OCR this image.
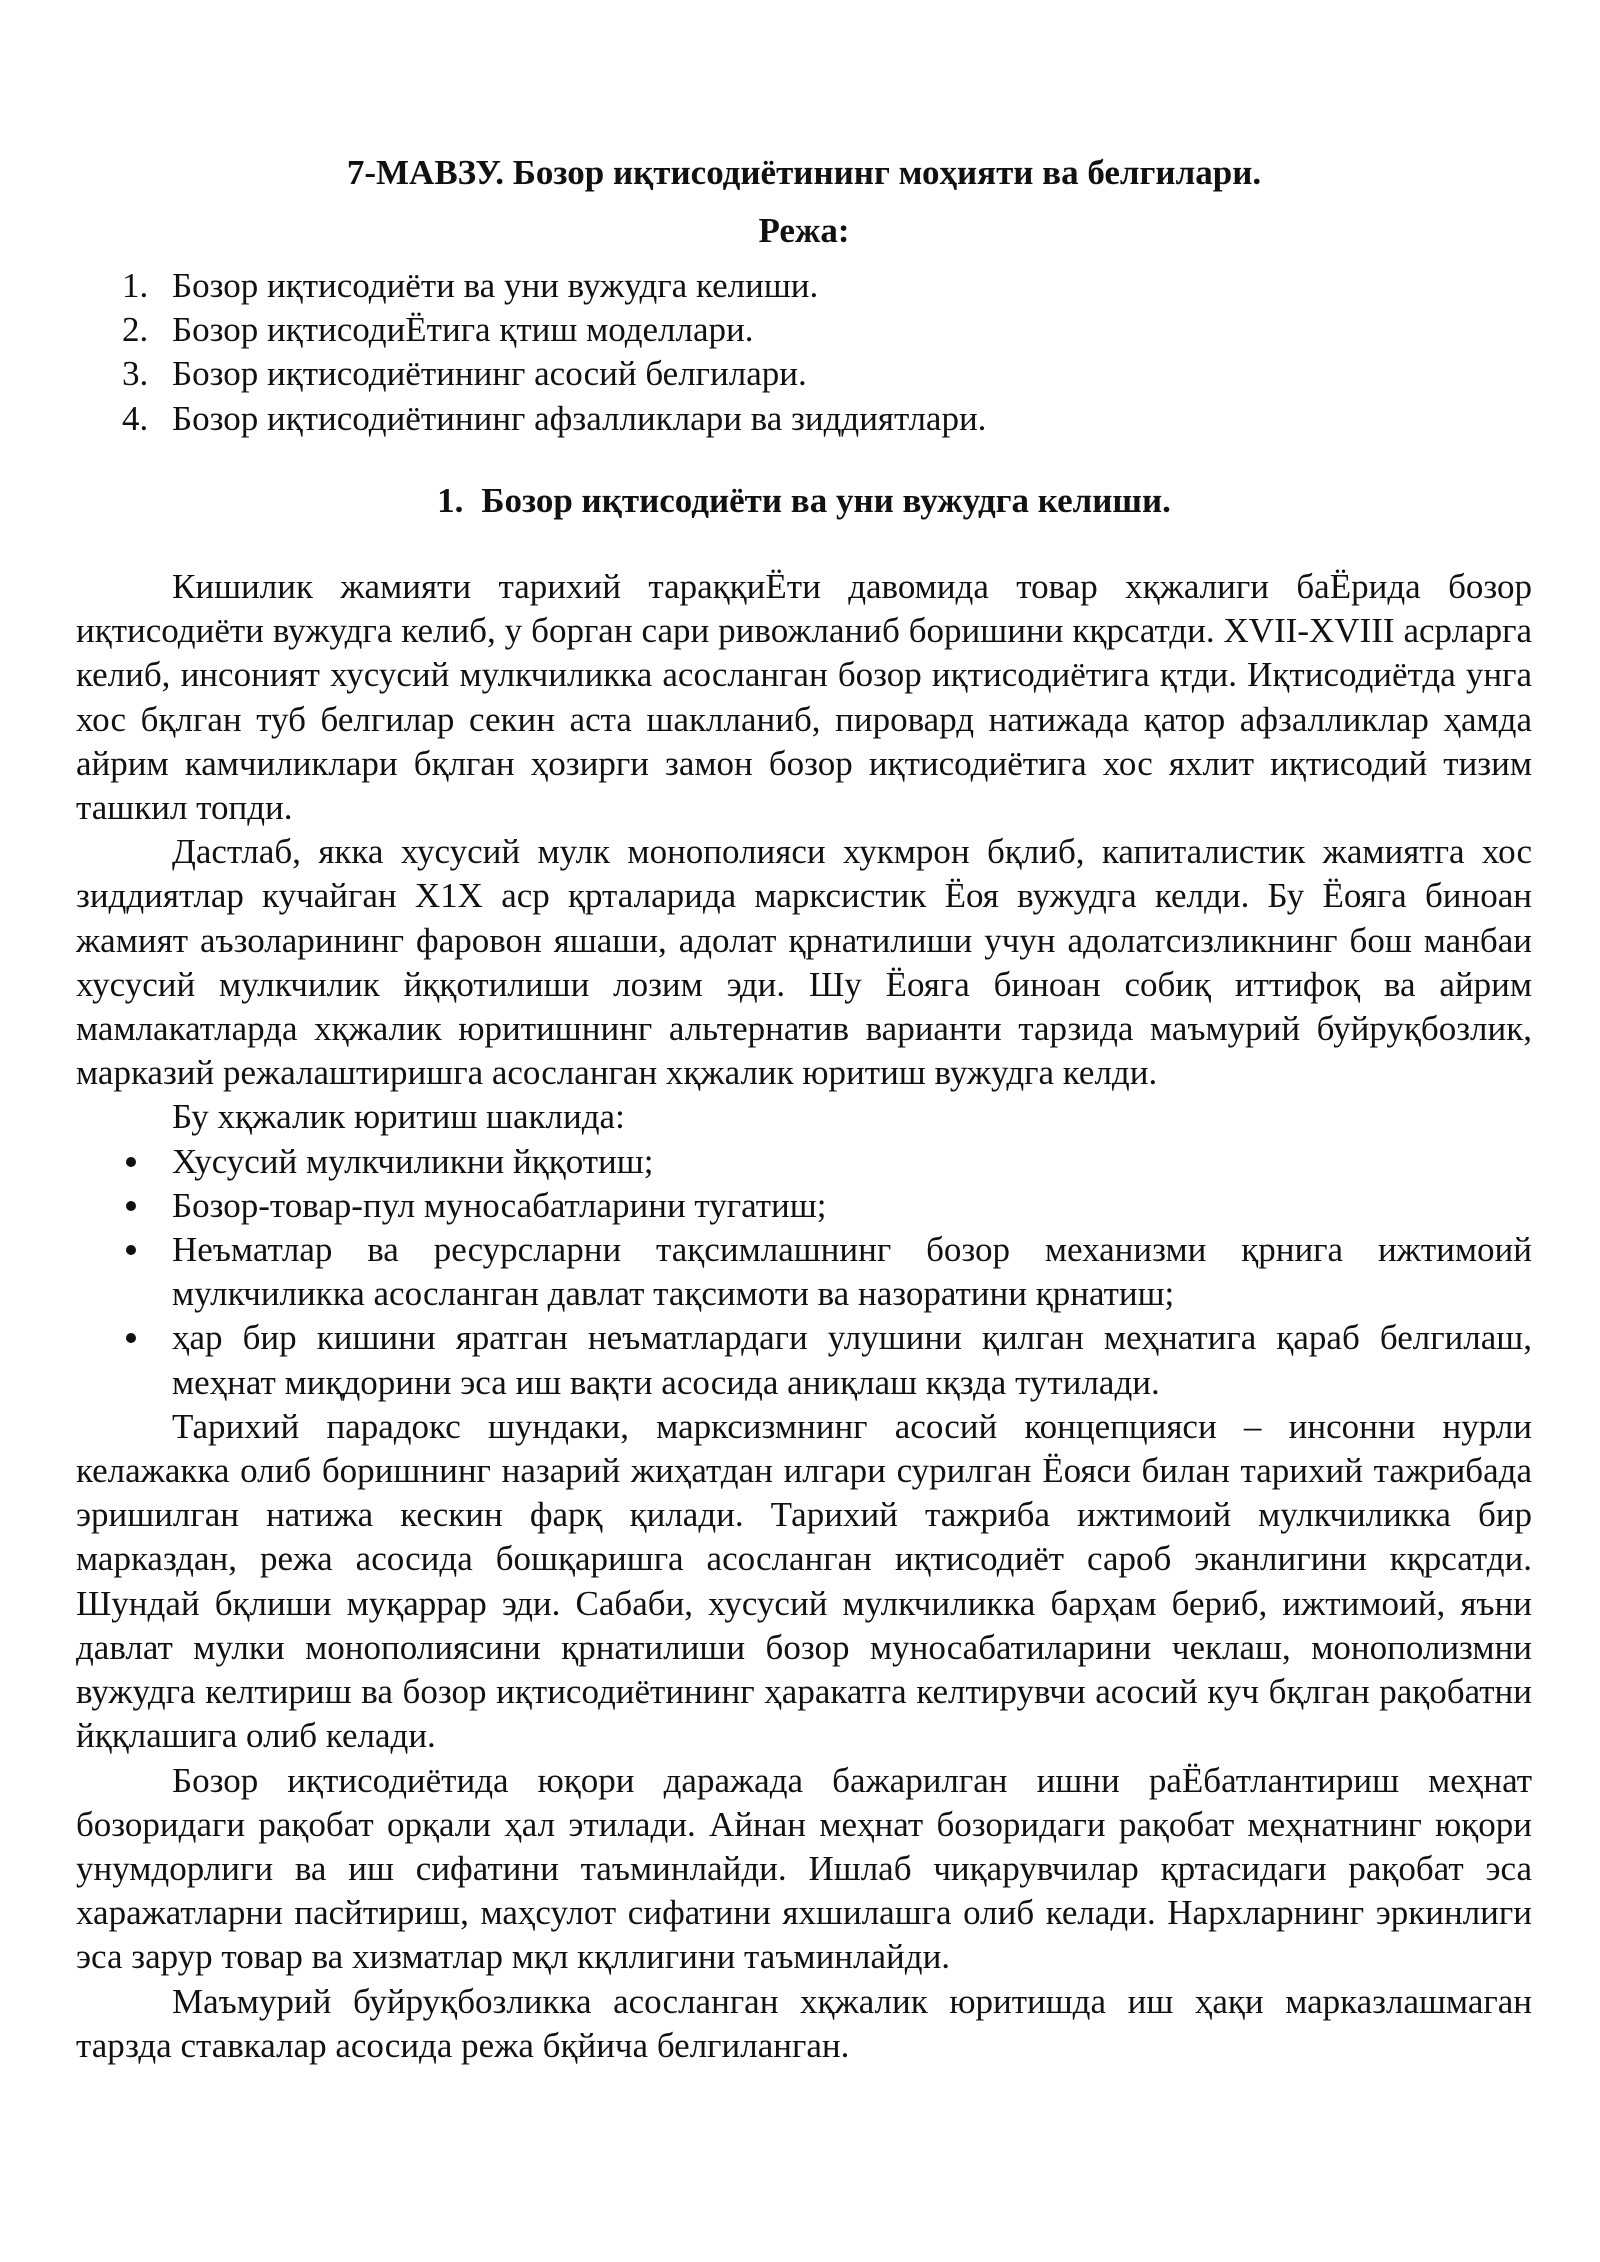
7-МАВЗУ. Бозор иқтисодиётининг моҳияти ва белгилари.

Режа:

1. Бозор иқтисодиёти ва уни вужудга келиши.
2. Бозор иқтисодиЁтига қтиш моделлари.
3. Бозор иқтисодиётининг асосий белгилари.
4. Бозор иқтисодиётининг афзалликлари ва зиддиятлари.

1. Бозор иқтисодиёти ва уни вужудга келиши.

Кишилик жамияти тарихий тараққиЁти давомида товар хқжалиги баЁрида бозор иқтисодиёти вужудга келиб, у борган сари ривожланиб боришини кқрсатди. XVII-XVIII асрларга келиб, инсоният хусусий мулкчиликка асосланган бозор иқтисодиётига қтди. Иқтисодиётда унга хос бқлган туб белгилар секин аста шаклланиб, пировард натижада қатор афзалликлар ҳамда айрим камчиликлари бқлган ҳозирги замон бозор иқтисодиётига хос яхлит иқтисодий тизим ташкил топди.

Дастлаб, якка хусусий мулк монополияси хукмрон бқлиб, капиталистик жамиятга хос зиддиятлар кучайган X1X аср қрталарида марксистик Ёоя вужудга келди. Бу Ёояга биноан жамият аъзоларининг фаровон яшаши, адолат қрнатилиши учун адолатсизликнинг бош манбаи хусусий мулкчилик йққотилиши лозим эди. Шу Ёояга биноан собиқ иттифоқ ва айрим мамлакатларда хқжалик юритишнинг альтернатив варианти тарзида маъмурий буйруқбозлик, марказий режалаштиришга асосланган хқжалик юритиш вужудга келди.

Бу хқжалик юритиш шаклида:

Хусусий мулкчиликни йққотиш;
Бозор-товар-пул муносабатларини тугатиш;
Неъматлар ва ресурсларни тақсимлашнинг бозор механизми қрнига ижтимоий мулкчиликка асосланган давлат тақсимоти ва назоратини қрнатиш;
ҳар бир кишини яратган неъматлардаги улушини қилган меҳнатига қараб белгилаш, меҳнат миқдорини эса иш вақти асосида аниқлаш кқзда тутилади.

Тарихий парадокс шундаки, марксизмнинг асосий концепцияси – инсонни нурли келажакка олиб боришнинг назарий жиҳатдан илгари сурилган Ёояси билан тарихий тажрибада эришилган натижа кескин фарқ қилади. Тарихий тажриба ижтимоий мулкчиликка бир марказдан, режа асосида бошқаришга асосланган иқтисодиёт сароб эканлигини кқрсатди. Шундай бқлиши муқаррар эди. Сабаби, хусусий мулкчиликка барҳам бериб, ижтимоий, яъни давлат мулки монополиясини қрнатилиши бозор муносабатиларини чеклаш, монополизмни вужудга келтириш ва бозор иқтисодиётининг ҳаракатга келтирувчи асосий куч бқлган рақобатни йққлашига олиб келади.

Бозор иқтисодиётида юқори даражада бажарилган ишни раЁбатлантириш меҳнат бозоридаги рақобат орқали ҳал этилади. Айнан меҳнат бозоридаги рақобат меҳнатнинг юқори унумдорлиги ва иш сифатини таъминлайди. Ишлаб чиқарувчилар қртасидаги рақобат эса харажатларни пасйтириш, маҳсулот сифатини яхшилашга олиб келади. Нархларнинг эркинлиги эса зарур товар ва хизматлар мқл кқллигини таъминлайди.

Маъмурий буйруқбозликка асосланган хқжалик юритишда иш ҳақи марказлашмаган тарзда ставкалар асосида режа бқйича белгиланган.
